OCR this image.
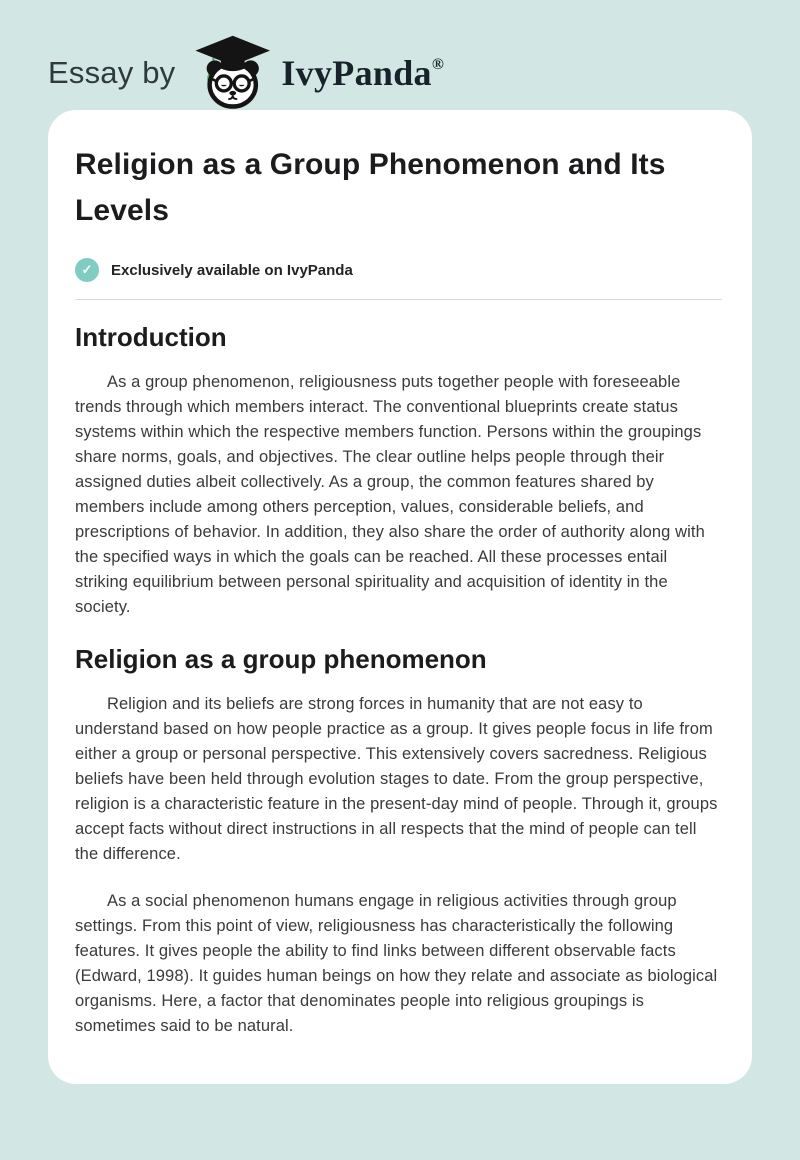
Essay by	IvyPanda®
Religion as a Group Phenomenon and Its Levels
✓	Exclusively available on IvyPanda
Introduction

As a group phenomenon, religiousness puts together people with foreseeable trends through which members interact. The conventional blueprints create status systems within which the respective members function. Persons within the groupings share norms, goals, and objectives. The clear outline helps people through their assigned duties albeit collectively. As a group, the common features shared by members include among others perception, values, considerable beliefs, and prescriptions of behavior. In addition, they also share the order of authority along with the specified ways in which the goals can be reached. All these processes entail striking equilibrium between personal spirituality and acquisition of identity in the society.

Religion as a group phenomenon

Religion and its beliefs are strong forces in humanity that are not easy to understand based on how people practice as a group. It gives people focus in life from either a group or personal perspective. This extensively covers sacredness. Religious beliefs have been held through evolution stages to date. From the group perspective, religion is a characteristic feature in the present-day mind of people. Through it, groups accept facts without direct instructions in all respects that the mind of people can tell the difference.

As a social phenomenon humans engage in religious activities through group settings. From this point of view, religiousness has characteristically the following features. It gives people the ability to find links between different observable facts (Edward, 1998). It guides human beings on how they relate and associate as biological organisms. Here, a factor that denominates people into religious groupings is sometimes said to be natural.
